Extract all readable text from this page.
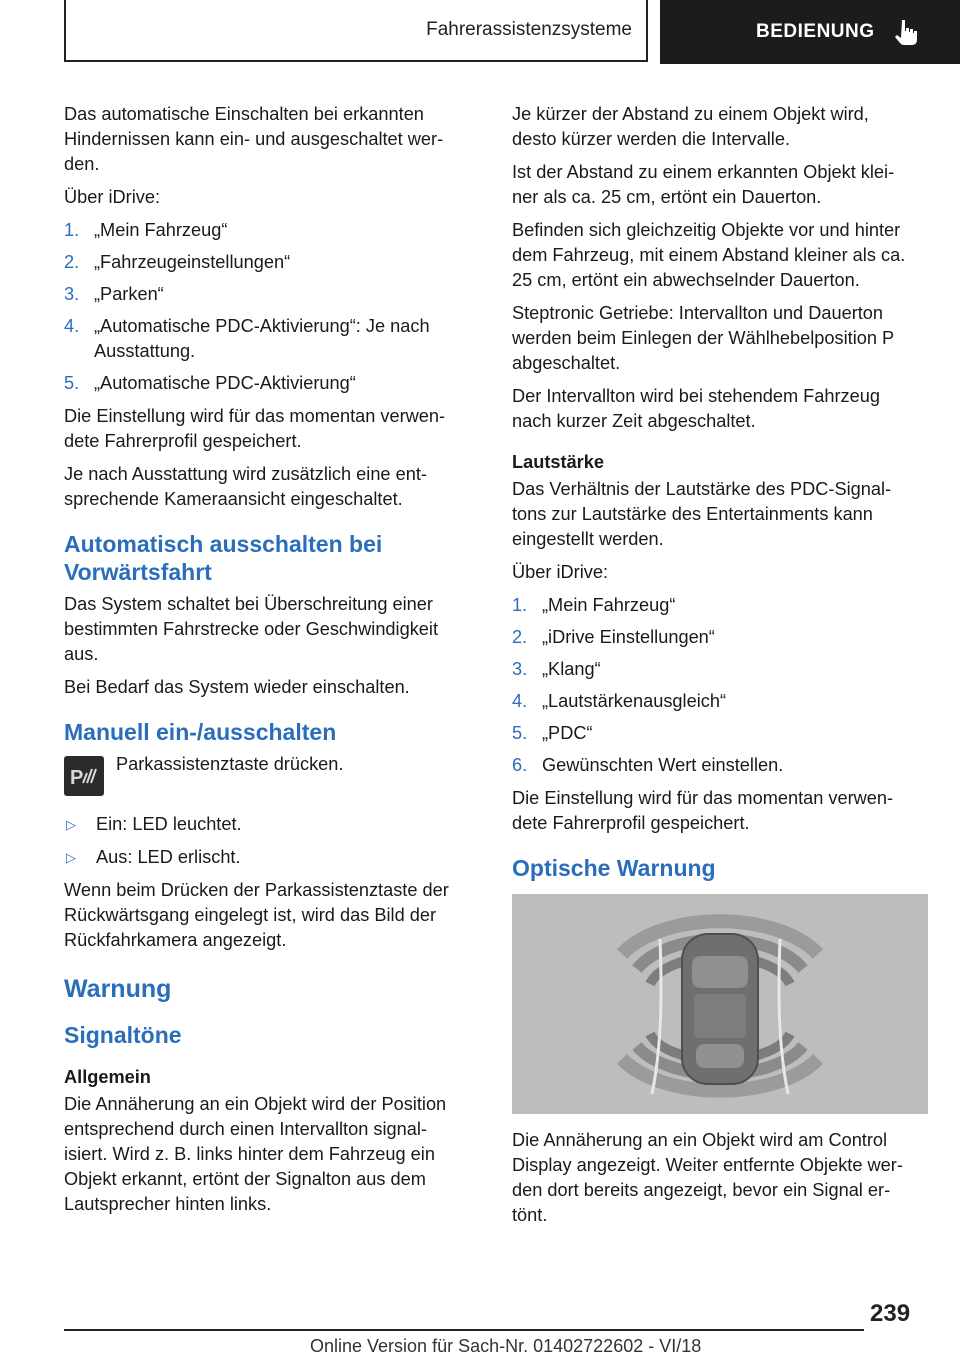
Fahrerassistenzsysteme	BEDIENUNG

Das automatische Einschalten bei erkannten Hindernissen kann ein- und ausgeschaltet wer-den.

Über iDrive:

1. „Mein Fahrzeug“
2. „Fahrzeugeinstellungen“
3. „Parken“
4. „Automatische PDC-Aktivierung“: Je nach Ausstattung.
5. „Automatische PDC-Aktivierung“

Die Einstellung wird für das momentan verwen-dete Fahrerprofil gespeichert.

Je nach Ausstattung wird zusätzlich eine ent-sprechende Kameraansicht eingeschaltet.

Automatisch ausschalten bei Vorwärtsfahrt

Das System schaltet bei Überschreitung einer bestimmten Fahrstrecke oder Geschwindigkeit aus.

Bei Bedarf das System wieder einschalten.

Manuell ein-/ausschalten
P
Parkassistenztaste drücken.
▷	Ein: LED leuchtet.
▷	Aus: LED erlischt.

Wenn beim Drücken der Parkassistenztaste der Rückwärtsgang eingelegt ist, wird das Bild der Rückfahrkamera angezeigt.

Warnung
Signaltöne
Allgemein

Die Annäherung an ein Objekt wird der Position entsprechend durch einen Intervallton signal-isiert. Wird z. B. links hinter dem Fahrzeug ein Objekt erkannt, ertönt der Signalton aus dem Lautsprecher hinten links.

Je kürzer der Abstand zu einem Objekt wird, desto kürzer werden die Intervalle.

Ist der Abstand zu einem erkannten Objekt klei-ner als ca. 25 cm, ertönt ein Dauerton.

Befinden sich gleichzeitig Objekte vor und hinter dem Fahrzeug, mit einem Abstand kleiner als ca. 25 cm, ertönt ein abwechselnder Dauerton.

Steptronic Getriebe: Intervallton und Dauerton werden beim Einlegen der Wählhebelposition P abgeschaltet.

Der Intervallton wird bei stehendem Fahrzeug nach kurzer Zeit abgeschaltet.

Lautstärke

Das Verhältnis der Lautstärke des PDC-Signal-tons zur Lautstärke des Entertainments kann eingestellt werden.

Über iDrive:

1. „Mein Fahrzeug“
2. „iDrive Einstellungen“
3. „Klang“
4. „Lautstärkenausgleich“
5. „PDC“
6. Gewünschten Wert einstellen.

Die Einstellung wird für das momentan verwen-dete Fahrerprofil gespeichert.

Optische Warnung

Die Annäherung an ein Objekt wird am Control Display angezeigt. Weiter entfernte Objekte wer-den dort bereits angezeigt, bevor ein Signal er-tönt.

239
Online Version für Sach-Nr. 01402722602 - VI/18
